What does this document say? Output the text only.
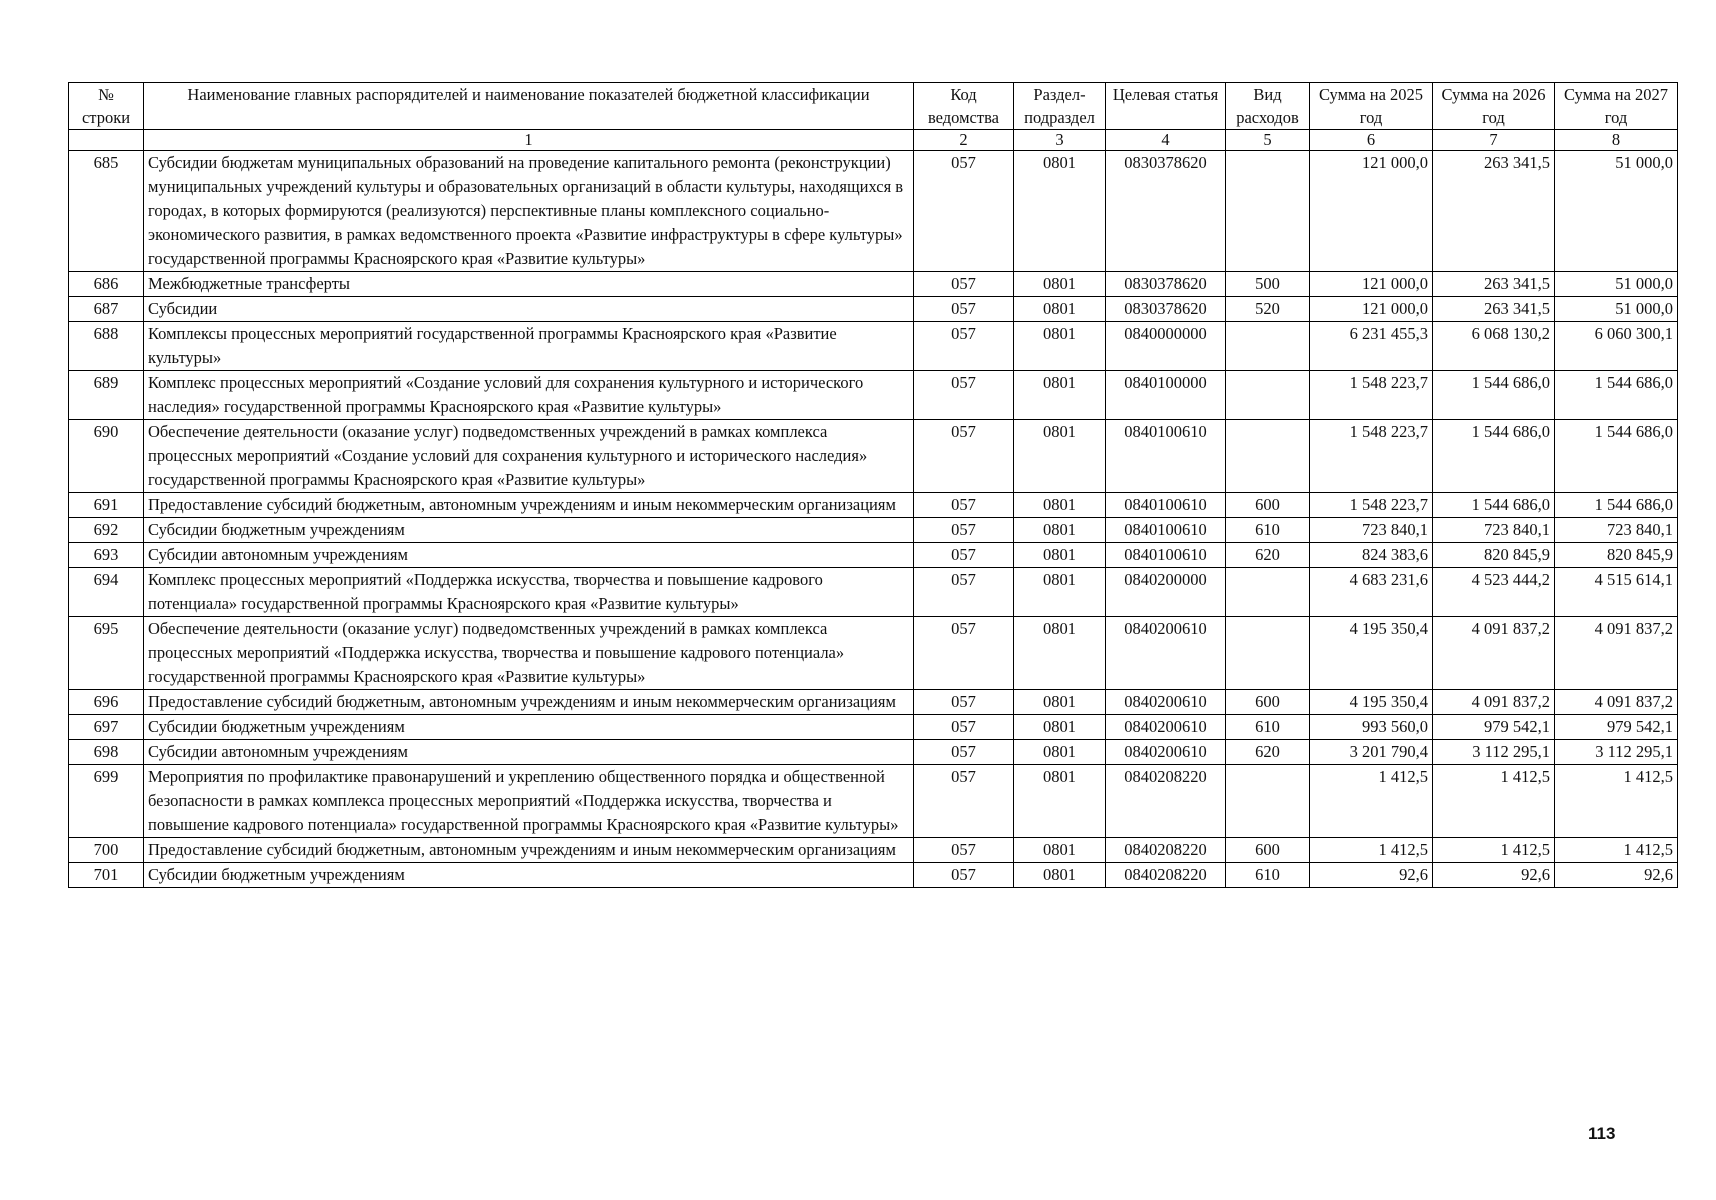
№ строки	Наименование главных распорядителей и наименование показателей бюджетной классификации	Код ведомства	Раздел-подраздел	Целевая статья	Вид расходов	Сумма на 2025 год	Сумма на 2026 год	Сумма на 2027 год
	1	2	3	4	5	6	7	8
685	Субсидии бюджетам муниципальных образований на проведение капитального ремонта (реконструкции) муниципальных учреждений культуры и образовательных организаций в области культуры, находящихся в городах, в которых формируются (реализуются) перспективные планы комплексного социально-экономического развития, в рамках ведомственного проекта «Развитие инфраструктуры в сфере культуры» государственной программы Красноярского края «Развитие культуры»	057	0801	0830378620		121 000,0	263 341,5	51 000,0
686	Межбюджетные трансферты	057	0801	0830378620	500	121 000,0	263 341,5	51 000,0
687	Субсидии	057	0801	0830378620	520	121 000,0	263 341,5	51 000,0
688	Комплексы процессных мероприятий государственной программы Красноярского края «Развитие культуры»	057	0801	0840000000		6 231 455,3	6 068 130,2	6 060 300,1
689	Комплекс процессных мероприятий «Создание условий для сохранения культурного и исторического наследия» государственной программы Красноярского края «Развитие культуры»	057	0801	0840100000		1 548 223,7	1 544 686,0	1 544 686,0
690	Обеспечение деятельности (оказание услуг) подведомственных учреждений в рамках комплекса процессных мероприятий «Создание условий для сохранения культурного и исторического наследия» государственной программы Красноярского края «Развитие культуры»	057	0801	0840100610		1 548 223,7	1 544 686,0	1 544 686,0
691	Предоставление субсидий бюджетным, автономным учреждениям и иным некоммерческим организациям	057	0801	0840100610	600	1 548 223,7	1 544 686,0	1 544 686,0
692	Субсидии бюджетным учреждениям	057	0801	0840100610	610	723 840,1	723 840,1	723 840,1
693	Субсидии автономным учреждениям	057	0801	0840100610	620	824 383,6	820 845,9	820 845,9
694	Комплекс процессных мероприятий «Поддержка искусства, творчества и повышение кадрового потенциала» государственной программы Красноярского края «Развитие культуры»	057	0801	0840200000		4 683 231,6	4 523 444,2	4 515 614,1
695	Обеспечение деятельности (оказание услуг) подведомственных учреждений в рамках комплекса процессных мероприятий «Поддержка искусства, творчества и повышение кадрового потенциала» государственной программы Красноярского края «Развитие культуры»	057	0801	0840200610		4 195 350,4	4 091 837,2	4 091 837,2
696	Предоставление субсидий бюджетным, автономным учреждениям и иным некоммерческим организациям	057	0801	0840200610	600	4 195 350,4	4 091 837,2	4 091 837,2
697	Субсидии бюджетным учреждениям	057	0801	0840200610	610	993 560,0	979 542,1	979 542,1
698	Субсидии автономным учреждениям	057	0801	0840200610	620	3 201 790,4	3 112 295,1	3 112 295,1
699	Мероприятия по профилактике правонарушений и укреплению общественного порядка и общественной безопасности в рамках комплекса процессных мероприятий «Поддержка искусства, творчества и повышение кадрового потенциала» государственной программы Красноярского края «Развитие культуры»	057	0801	0840208220		1 412,5	1 412,5	1 412,5
700	Предоставление субсидий бюджетным, автономным учреждениям и иным некоммерческим организациям	057	0801	0840208220	600	1 412,5	1 412,5	1 412,5
701	Субсидии бюджетным учреждениям	057	0801	0840208220	610	92,6	92,6	92,6
113
